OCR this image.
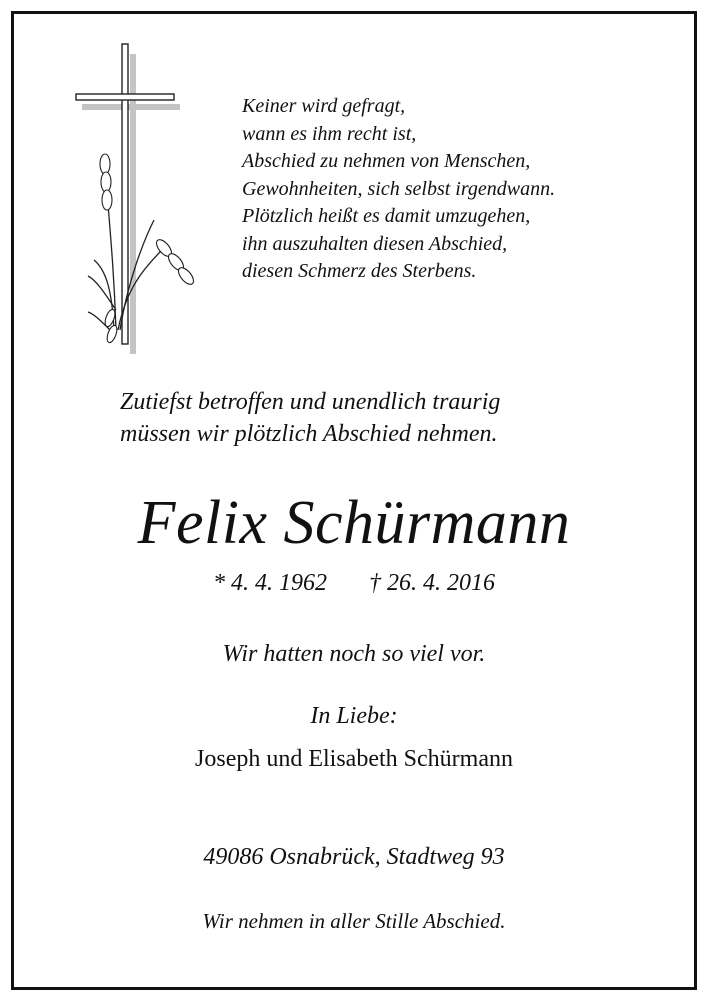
Keiner wird gefragt,
wann es ihm recht ist,
Abschied zu nehmen von Menschen,
Gewohnheiten, sich selbst irgendwann.
Plötzlich heißt es damit umzugehen,
ihn auszuhalten diesen Abschied,
diesen Schmerz des Sterbens.
Zutiefst betroffen und unendlich traurig
müssen wir plötzlich Abschied nehmen.
Felix Schürmann
* 4. 4. 1962 † 26. 4. 2016
Wir hatten noch so viel vor.
In Liebe:
Joseph und Elisabeth Schürmann
49086 Osnabrück, Stadtweg 93
Wir nehmen in aller Stille Abschied.
